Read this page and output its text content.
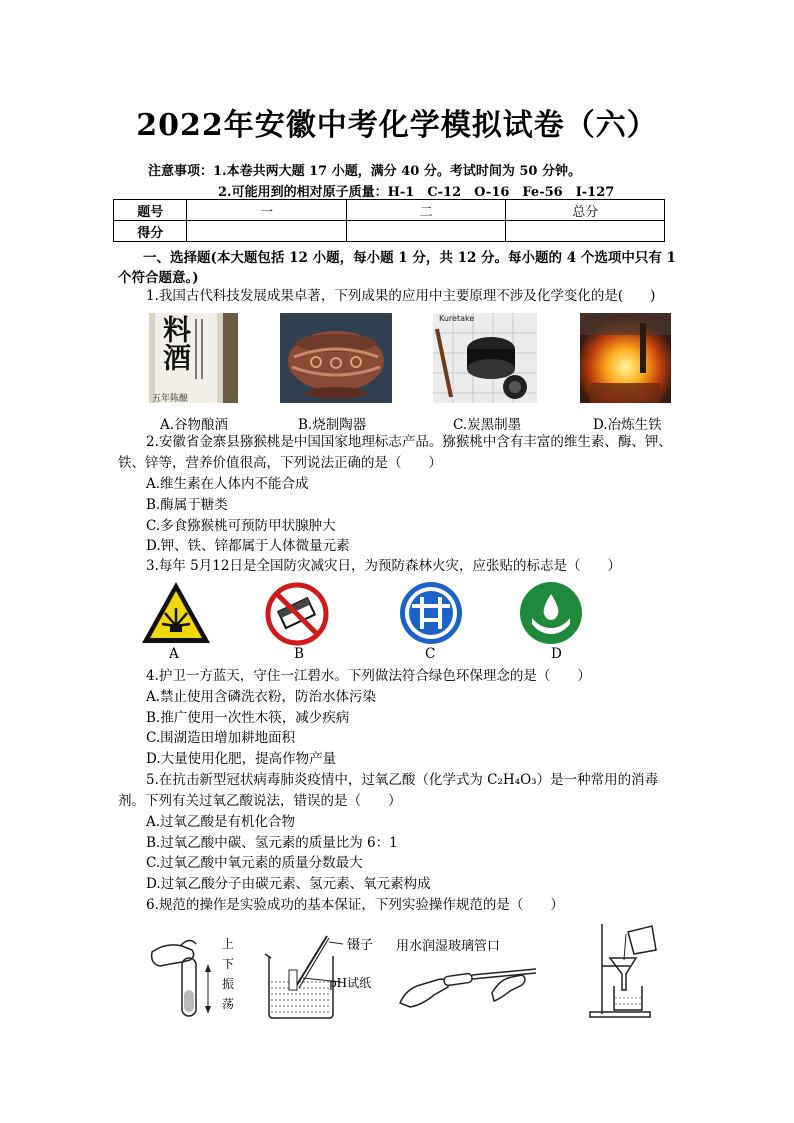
2022年安徽中考化学模拟试卷（六）
注意事项：1.本卷共两大题 17 小题，满分 40 分。考试时间为 50 分钟。
2.可能用到的相对原子质量：H-1　C-12　O-16　Fe-56　I-127
题号	一	二	总分
得分			
一、选择题(本大题包括 12 小题，每小题 1 分，共 12 分。每小题的 4 个选项中只有 1
个符合题意。)
1.我国古代科技发展成果卓著，下列成果的应用中主要原理不涉及化学变化的是(　　)
料酒
五年陈酿
Kuretake
A.谷物酿酒	B.烧制陶器	C.炭黑制墨	D.冶炼生铁
2.安徽省金寨县猕猴桃是中国国家地理标志产品。猕猴桃中含有丰富的维生素、酶、钾、
铁、锌等，营养价值很高，下列说法正确的是（　　）
A.维生素在人体内不能合成
B.酶属于糖类
C.多食猕猴桃可预防甲状腺肿大
D.钾、铁、锌都属于人体微量元素
3.每年 5月12日是全国防灾减灾日，为预防森林火灾，应张贴的标志是（　　）
A	B	C	D
4.护卫一方蓝天，守住一江碧水。下列做法符合绿色环保理念的是（　　）
A.禁止使用含磷洗衣粉，防治水体污染
B.推广使用一次性木筷，减少疾病
C.围湖造田增加耕地面积
D.大量使用化肥，提高作物产量
5.在抗击新型冠状病毒肺炎疫情中，过氧乙酸（化学式为 C₂H₄O₃）是一种常用的消毒
剂。下列有关过氧乙酸说法，错误的是（　　）
A.过氧乙酸是有机化合物
B.过氧乙酸中碳、氢元素的质量比为 6：1
C.过氧乙酸中氧元素的质量分数最大
D.过氧乙酸分子由碳元素、氢元素、氧元素构成
6.规范的操作是实验成功的基本保证，下列实验操作规范的是（　　）
上
下
振
荡
镊子
pH试纸
用水润湿玻璃管口
